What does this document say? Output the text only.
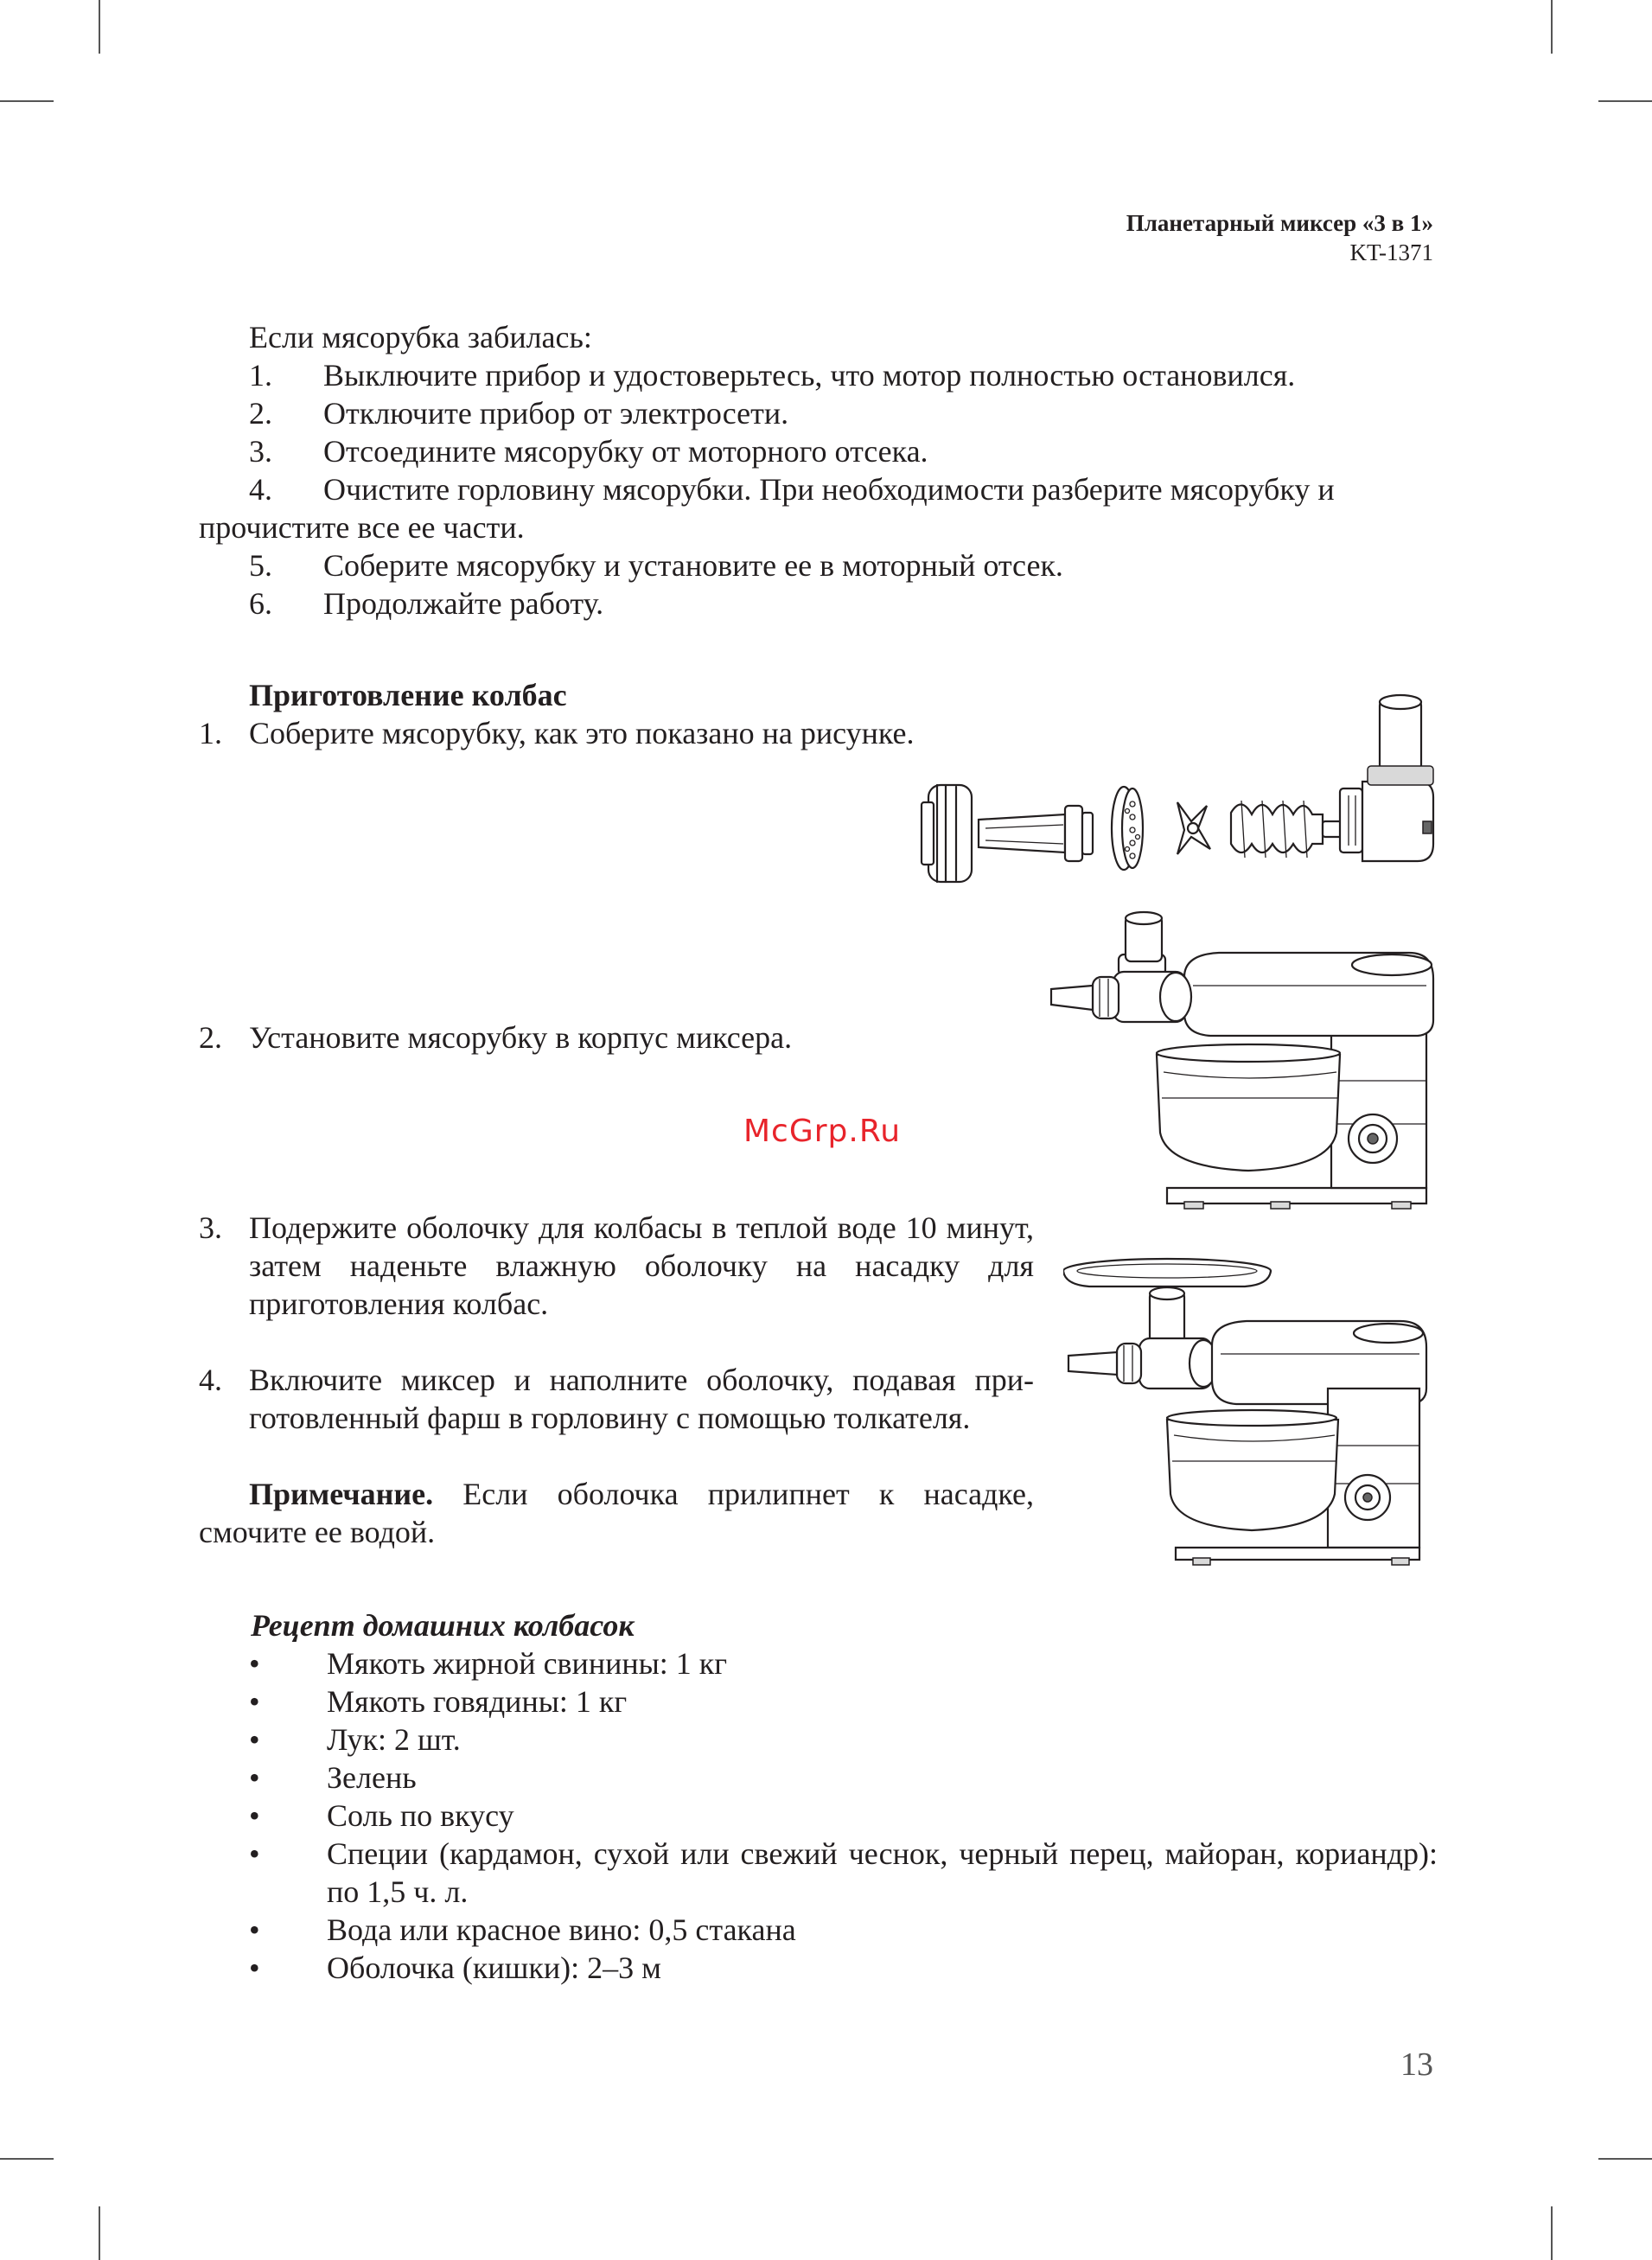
Планетарный миксер «3 в 1»
KT-1371
Если мясорубка забилась:
1.	Выключите прибор и удостоверьтесь, что мотор полностью остановился.
2.	Отключите прибор от электросети.
3.	Отсоедините мясорубку от моторного отсека.
4.	Очистите горловину мясорубки. При необходимости разберите мясорубку и
прочистите все ее части.
5.	Соберите мясорубку и установите ее в моторный отсек.
6.	Продолжайте работу.
Приготовление колбас
1. Соберите мясорубку, как это показано на рисунке.
2. Установите мясорубку в корпус миксера.
McGrp.Ru
3. Подержите оболочку для колбасы в теплой воде 10 минут, затем наденьте влажную оболочку на насадку для приготовления колбас.
4. Включите миксер и наполните оболочку, подавая при-готовленный фарш в горловину с помощью толкателя.
Примечание. Если оболочка прилипнет к насадке, смочите ее водой.
Рецепт домашних колбасок
• Мякоть жирной свинины: 1 кг
• Мякоть говядины: 1 кг
• Лук: 2 шт.
• Зелень
• Соль по вкусу
• Специи (кардамон, сухой или свежий чеснок, черный перец, майоран, кориандр): по 1,5 ч. л.
• Вода или красное вино: 0,5 стакана
• Оболочка (кишки): 2–3 м
13
